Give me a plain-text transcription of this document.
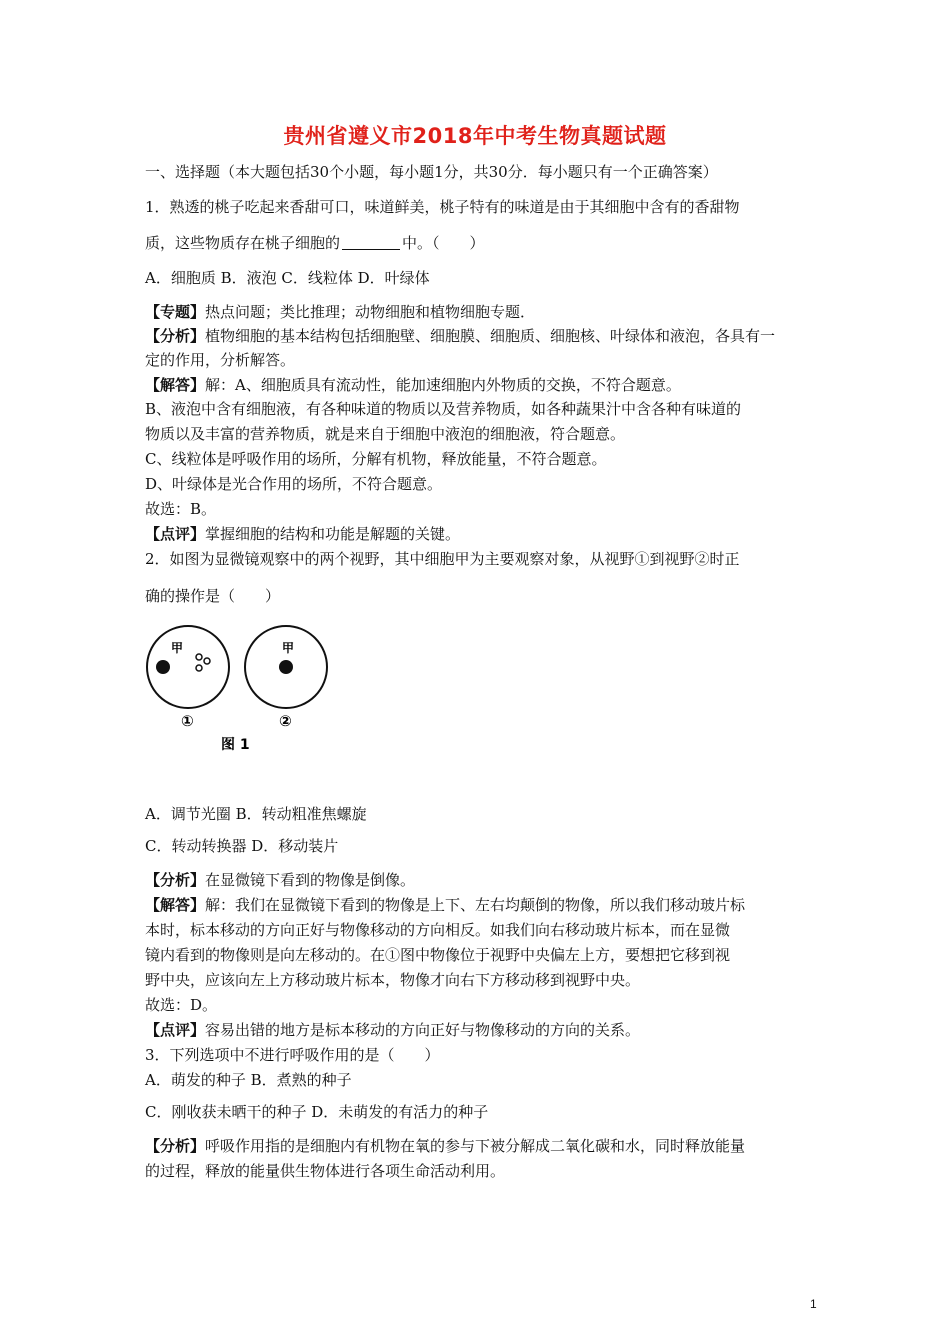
贵州省遵义市2018年中考生物真题试题

一、选择题（本大题包括30个小题，每小题1分，共30分．每小题只有一个正确答案）

1．熟透的桃子吃起来香甜可口，味道鲜美，桃子特有的味道是由于其细胞中含有的香甜物

质，这些物质存在桃子细胞的	中。（　　）

A．细胞质 B．液泡 C．线粒体 D．叶绿体

【专题】热点问题；类比推理；动物细胞和植物细胞专题．

【分析】植物细胞的基本结构包括细胞壁、细胞膜、细胞质、细胞核、叶绿体和液泡，各具有一

定的作用，分析解答。

【解答】解：A、细胞质具有流动性，能加速细胞内外物质的交换，不符合题意。

B、液泡中含有细胞液，有各种味道的物质以及营养物质，如各种蔬果汁中含各种有味道的

物质以及丰富的营养物质，就是来自于细胞中液泡的细胞液，符合题意。

C、线粒体是呼吸作用的场所，分解有机物，释放能量，不符合题意。

D、叶绿体是光合作用的场所，不符合题意。

故选：B。

【点评】掌握细胞的结构和功能是解题的关键。

2．如图为显微镜观察中的两个视野，其中细胞甲为主要观察对象，从视野①到视野②时正

确的操作是（　　）

甲	甲
①	②
图 1

A．调节光圈 B．转动粗准焦螺旋

C．转动转换器 D．移动装片

【分析】在显微镜下看到的物像是倒像。

【解答】解：我们在显微镜下看到的物像是上下、左右均颠倒的物像，所以我们移动玻片标

本时，标本移动的方向正好与物像移动的方向相反。如我们向右移动玻片标本，而在显微

镜内看到的物像则是向左移动的。在①图中物像位于视野中央偏左上方，要想把它移到视

野中央，应该向左上方移动玻片标本，物像才向右下方移动移到视野中央。

故选：D。

【点评】容易出错的地方是标本移动的方向正好与物像移动的方向的关系。

3．下列选项中不进行呼吸作用的是（　　）

A．萌发的种子 B．煮熟的种子

C．刚收获未晒干的种子 D．未萌发的有活力的种子

【分析】呼吸作用指的是细胞内有机物在氧的参与下被分解成二氧化碳和水，同时释放能量

的过程，释放的能量供生物体进行各项生命活动利用。

1
